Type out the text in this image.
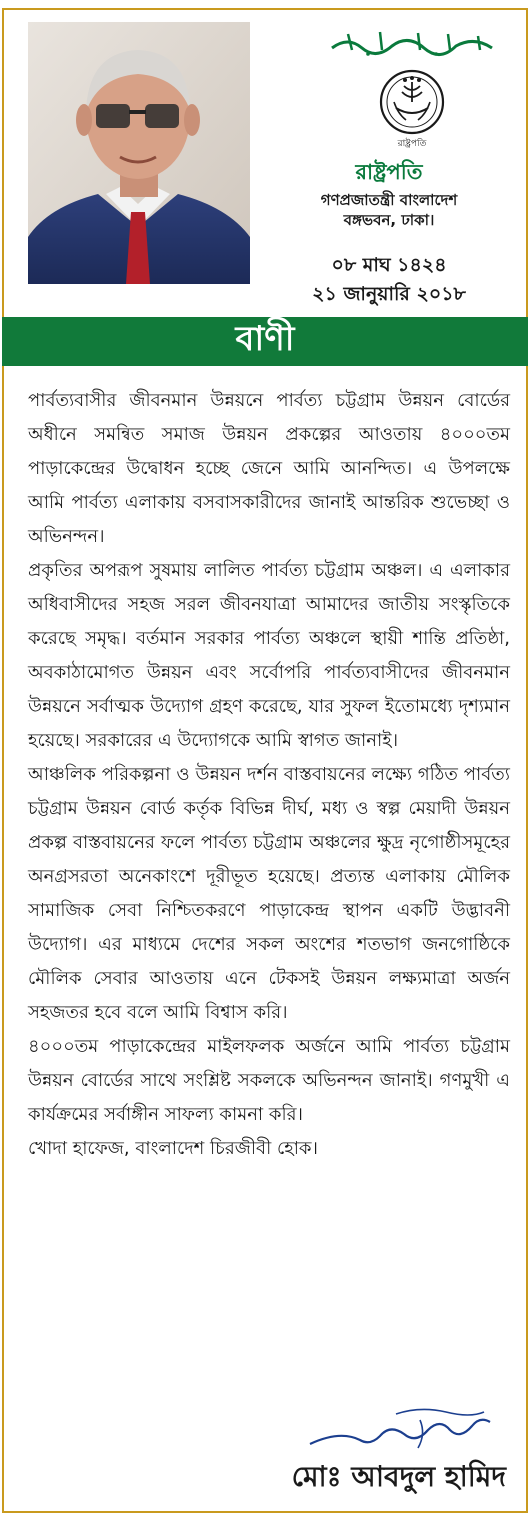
রাষ্ট্রপতি
রাষ্ট্রপতি
গণপ্রজাতন্ত্রী বাংলাদেশ
বঙ্গভবন, ঢাকা।
০৮ মাঘ ১৪২৪
২১ জানুয়ারি ২০১৮
বাণী

পার্বত্যবাসীর জীবনমান উন্নয়নে পার্বত্য চট্টগ্রাম উন্নয়ন বোর্ডের অধীনে সমন্বিত সমাজ উন্নয়ন প্রকল্পের আওতায় ৪০০০তম পাড়াকেন্দ্রের উদ্বোধন হচ্ছে জেনে আমি আনন্দিত। এ উপলক্ষে আমি পার্বত্য এলাকায় বসবাসকারীদের জানাই আন্তরিক শুভেচ্ছা ও অভিনন্দন।

প্রকৃতির অপরূপ সুষমায় লালিত পার্বত্য চট্টগ্রাম অঞ্চল। এ এলাকার অধিবাসীদের সহজ সরল জীবনযাত্রা আমাদের জাতীয় সংস্কৃতিকে করেছে সমৃদ্ধ। বর্তমান সরকার পার্বত্য অঞ্চলে স্থায়ী শান্তি প্রতিষ্ঠা, অবকাঠামোগত উন্নয়ন এবং সর্বোপরি পার্বত্যবাসীদের জীবনমান উন্নয়নে সর্বাত্মক উদ্যোগ গ্রহণ করেছে, যার সুফল ইতোমধ্যে দৃশ্যমান হয়েছে। সরকারের এ উদ্যোগকে আমি স্বাগত জানাই।

আঞ্চলিক পরিকল্পনা ও উন্নয়ন দর্শন বাস্তবায়নের লক্ষ্যে গঠিত পার্বত্য চট্টগ্রাম উন্নয়ন বোর্ড কর্তৃক বিভিন্ন দীর্ঘ, মধ্য ও স্বল্প মেয়াদী উন্নয়ন প্রকল্প বাস্তবায়নের ফলে পার্বত্য চট্টগ্রাম অঞ্চলের ক্ষুদ্র নৃগোষ্ঠীসমূহের অনগ্রসরতা অনেকাংশে দূরীভূত হয়েছে। প্রত্যন্ত এলাকায় মৌলিক সামাজিক সেবা নিশ্চিতকরণে পাড়াকেন্দ্র স্থাপন একটি উদ্ভাবনী উদ্যোগ। এর মাধ্যমে দেশের সকল অংশের শতভাগ জনগোষ্ঠিকে মৌলিক সেবার আওতায় এনে টেকসই উন্নয়ন লক্ষ্যমাত্রা অর্জন সহজতর হবে বলে আমি বিশ্বাস করি।

৪০০০তম পাড়াকেন্দ্রের মাইলফলক অর্জনে আমি পার্বত্য চট্টগ্রাম উন্নয়ন বোর্ডের সাথে সংশ্লিষ্ট সকলকে অভিনন্দন জানাই। গণমুখী এ কার্যক্রমের সর্বাঙ্গীন সাফল্য কামনা করি।

খোদা হাফেজ, বাংলাদেশ চিরজীবী হোক।

মোঃ আবদুল হামিদ
